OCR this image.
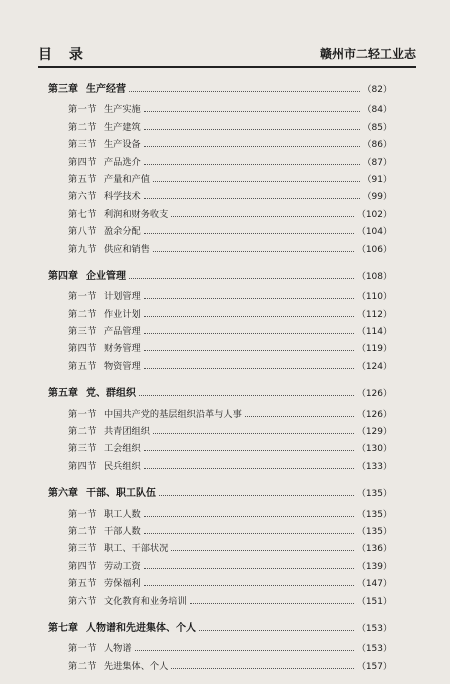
目 录	赣州市二轻工业志
第三章 生产经营	（82）
第一节 生产实施	（84）
第二节 生产建筑	（85）
第三节 生产设备	（86）
第四节 产品选介	（87）
第五节 产量和产值	（91）
第六节 科学技术	（99）
第七节 利润和财务收支	（102）
第八节 盈余分配	（104）
第九节 供应和销售	（106）
第四章 企业管理	（108）
第一节 计划管理	（110）
第二节 作业计划	（112）
第三节 产品管理	（114）
第四节 财务管理	（119）
第五节 物资管理	（124）
第五章 党、群组织	（126）
第一节 中国共产党的基层组织沿革与人事	（126）
第二节 共青团组织	（129）
第三节 工会组织	（130）
第四节 民兵组织	（133）
第六章 干部、职工队伍	（135）
第一节 职工人数	（135）
第二节 干部人数	（135）
第三节 职工、干部状况	（136）
第四节 劳动工资	（139）
第五节 劳保福利	（147）
第六节 文化教育和业务培训	（151）
第七章 人物谱和先进集体、个人	（153）
第一节 人物谱	（153）
第二节 先进集体、个人	（157）
